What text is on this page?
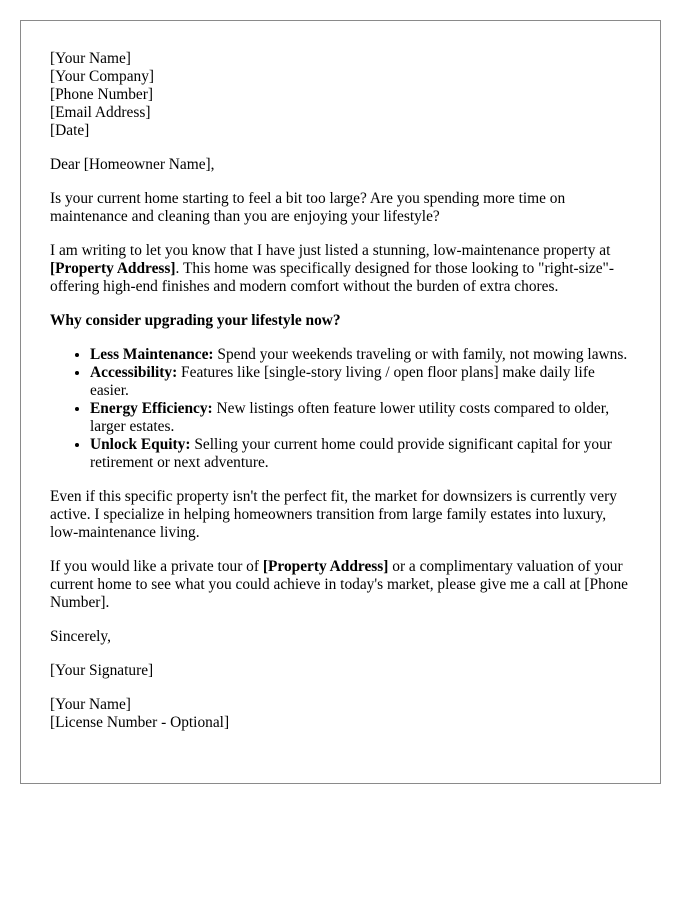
[Your Name]
[Your Company]
[Phone Number]
[Email Address]
[Date]

Dear [Homeowner Name],

Is your current home starting to feel a bit too large? Are you spending more time on maintenance and cleaning than you are enjoying your lifestyle?

I am writing to let you know that I have just listed a stunning, low-maintenance property at [Property Address]. This home was specifically designed for those looking to "right-size"-offering high-end finishes and modern comfort without the burden of extra chores.

Why consider upgrading your lifestyle now?

• Less Maintenance: Spend your weekends traveling or with family, not mowing lawns.
• Accessibility: Features like [single-story living / open floor plans] make daily life easier.
• Energy Efficiency: New listings often feature lower utility costs compared to older, larger estates.
• Unlock Equity: Selling your current home could provide significant capital for your retirement or next adventure.

Even if this specific property isn't the perfect fit, the market for downsizers is currently very active. I specialize in helping homeowners transition from large family estates into luxury, low-maintenance living.

If you would like a private tour of [Property Address] or a complimentary valuation of your current home to see what you could achieve in today's market, please give me a call at [Phone Number].

Sincerely,

[Your Signature]

[Your Name]
[License Number - Optional]
